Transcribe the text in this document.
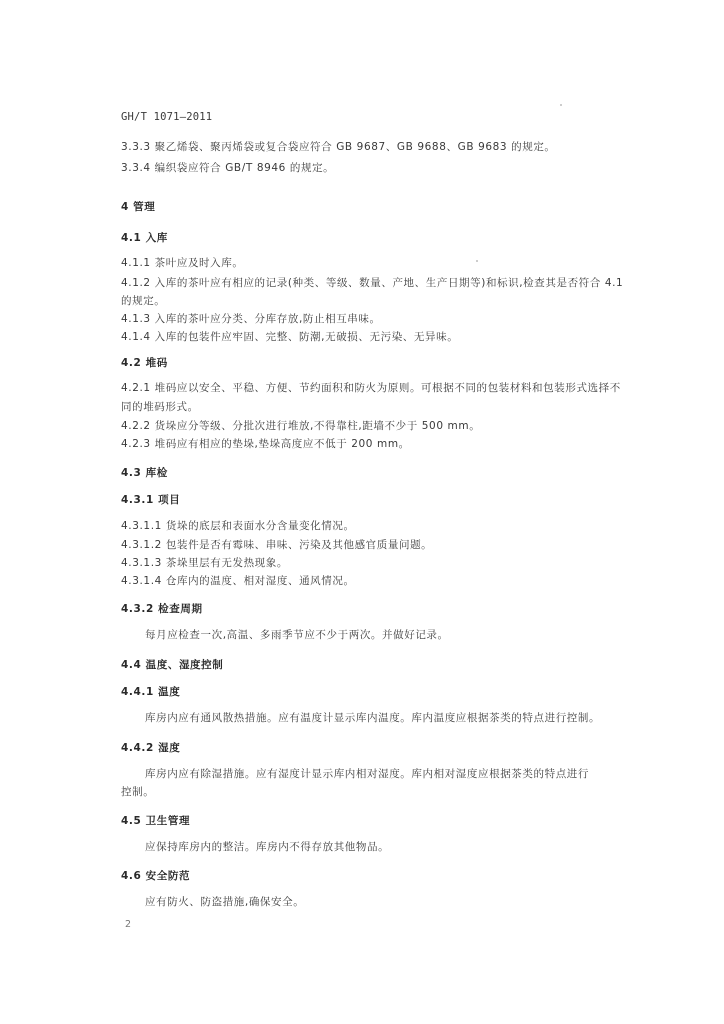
GH/T 1071—2011
3.3.3 聚乙烯袋、聚丙烯袋或复合袋应符合 GB 9687、GB 9688、GB 9683 的规定。
3.3.4 编织袋应符合 GB/T 8946 的规定。
4 管理
4.1 入库
4.1.1 茶叶应及时入库。
4.1.2 入库的茶叶应有相应的记录(种类、等级、数量、产地、生产日期等)和标识,检查其是否符合 4.1
的规定。
4.1.3 入库的茶叶应分类、分库存放,防止相互串味。
4.1.4 入库的包装件应牢固、完整、防潮,无破损、无污染、无异味。
4.2 堆码
4.2.1 堆码应以安全、平稳、方便、节约面积和防火为原则。可根据不同的包装材料和包装形式选择不
同的堆码形式。
4.2.2 货垛应分等级、分批次进行堆放,不得靠柱,距墙不少于 500 mm。
4.2.3 堆码应有相应的垫垛,垫垛高度应不低于 200 mm。
4.3 库检
4.3.1 项目
4.3.1.1 货垛的底层和表面水分含量变化情况。
4.3.1.2 包装件是否有霉味、串味、污染及其他感官质量问题。
4.3.1.3 茶垛里层有无发热现象。
4.3.1.4 仓库内的温度、相对湿度、通风情况。
4.3.2 检查周期
每月应检查一次,高温、多雨季节应不少于两次。并做好记录。
4.4 温度、湿度控制
4.4.1 温度
库房内应有通风散热措施。应有温度计显示库内温度。库内温度应根据茶类的特点进行控制。
4.4.2 湿度
库房内应有除湿措施。应有湿度计显示库内相对湿度。库内相对湿度应根据茶类的特点进行
控制。
4.5 卫生管理
应保持库房内的整洁。库房内不得存放其他物品。
4.6 安全防范
应有防火、防盗措施,确保安全。
2
